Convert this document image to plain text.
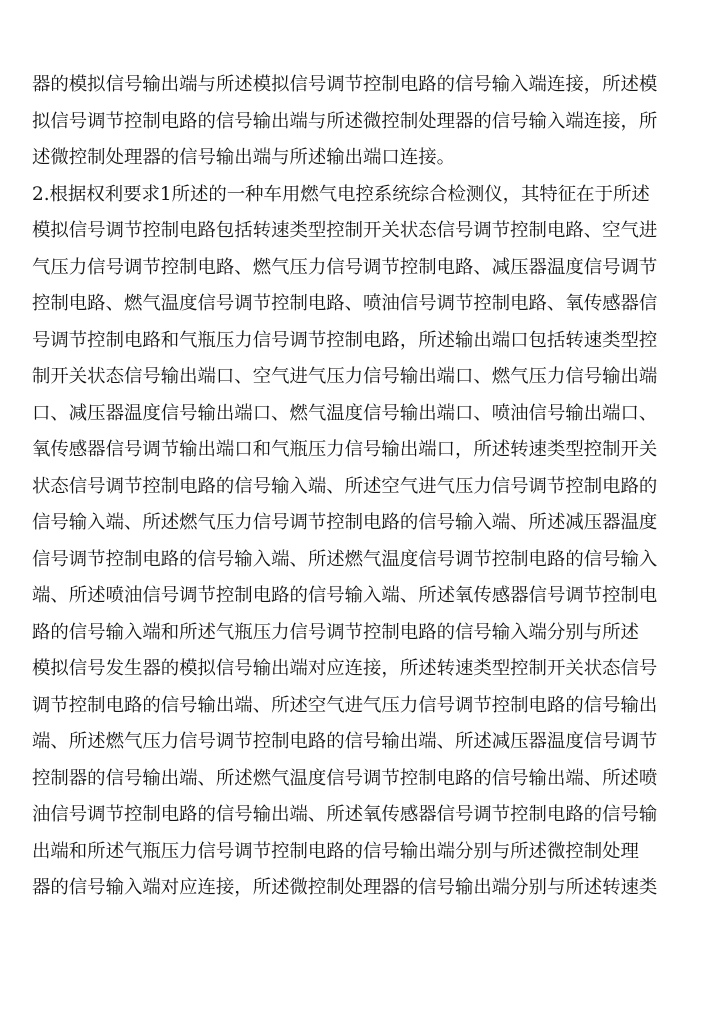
器的模拟信号输出端与所述模拟信号调节控制电路的信号输入端连接，所述模
拟信号调节控制电路的信号输出端与所述微控制处理器的信号输入端连接，所
述微控制处理器的信号输出端与所述输出端口连接。
2.根据权利要求1所述的一种车用燃气电控系统综合检测仪，其特征在于所述
模拟信号调节控制电路包括转速类型控制开关状态信号调节控制电路、空气进
气压力信号调节控制电路、燃气压力信号调节控制电路、减压器温度信号调节
控制电路、燃气温度信号调节控制电路、喷油信号调节控制电路、氧传感器信
号调节控制电路和气瓶压力信号调节控制电路，所述输出端口包括转速类型控
制开关状态信号输出端口、空气进气压力信号输出端口、燃气压力信号输出端
口、减压器温度信号输出端口、燃气温度信号输出端口、喷油信号输出端口、
氧传感器信号调节输出端口和气瓶压力信号输出端口，所述转速类型控制开关
状态信号调节控制电路的信号输入端、所述空气进气压力信号调节控制电路的
信号输入端、所述燃气压力信号调节控制电路的信号输入端、所述减压器温度
信号调节控制电路的信号输入端、所述燃气温度信号调节控制电路的信号输入
端、所述喷油信号调节控制电路的信号输入端、所述氧传感器信号调节控制电
路的信号输入端和所述气瓶压力信号调节控制电路的信号输入端分别与所述
模拟信号发生器的模拟信号输出端对应连接，所述转速类型控制开关状态信号
调节控制电路的信号输出端、所述空气进气压力信号调节控制电路的信号输出
端、所述燃气压力信号调节控制电路的信号输出端、所述减压器温度信号调节
控制器的信号输出端、所述燃气温度信号调节控制电路的信号输出端、所述喷
油信号调节控制电路的信号输出端、所述氧传感器信号调节控制电路的信号输
出端和所述气瓶压力信号调节控制电路的信号输出端分别与所述微控制处理
器的信号输入端对应连接，所述微控制处理器的信号输出端分别与所述转速类
